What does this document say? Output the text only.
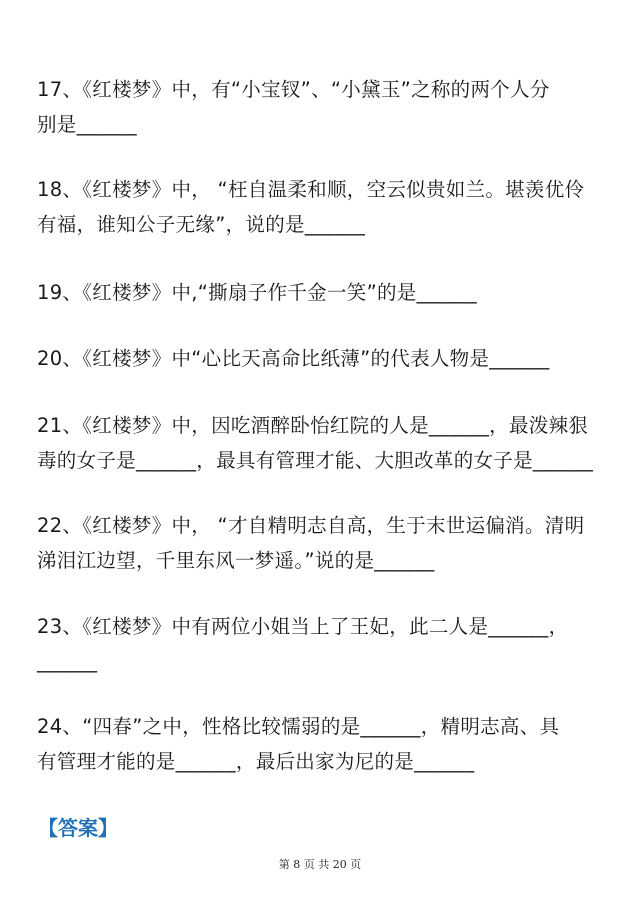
17、《红楼梦》中，有“小宝钗”、“小黛玉”之称的两个人分
别是______
18、《红楼梦》中， “枉自温柔和顺，空云似贵如兰。堪羡优伶
有福，谁知公子无缘”，说的是______
19、《红楼梦》中,“撕扇子作千金一笑”的是______
20、《红楼梦》中“心比天高命比纸薄”的代表人物是______
21、《红楼梦》中，因吃酒醉卧怡红院的人是______，最泼辣狠
毒的女子是______，最具有管理才能、大胆改革的女子是______
22、《红楼梦》中， “才自精明志自高，生于末世运偏消。清明
涕泪江边望，千里东风一梦遥。”说的是______
23、《红楼梦》中有两位小姐当上了王妃，此二人是______，
______
24、“四春”之中，性格比较懦弱的是______，精明志高、具
有管理才能的是______，最后出家为尼的是______
【答案】
第 8 页 共 20 页
